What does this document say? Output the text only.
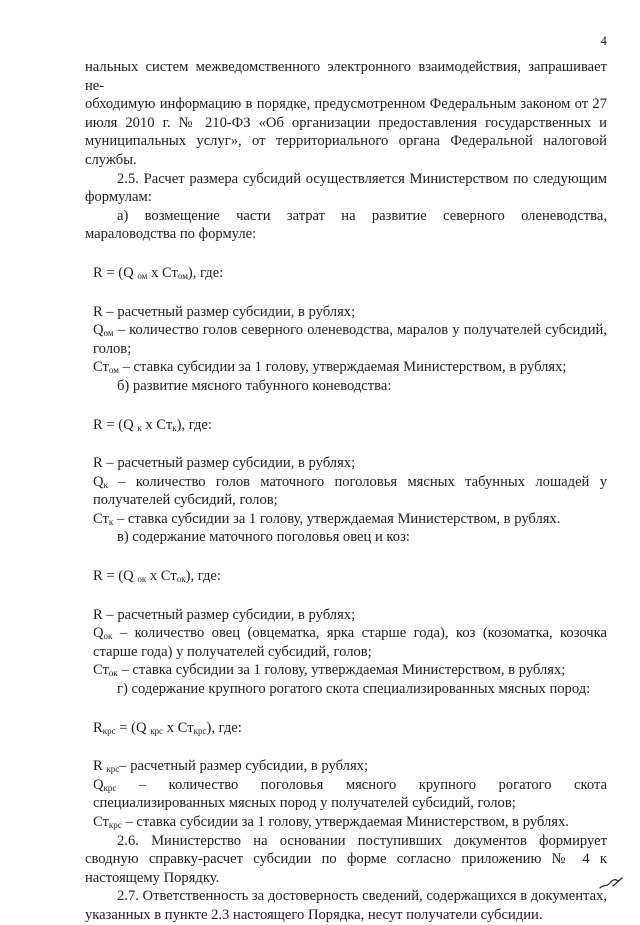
4

нальных систем межведомственного электронного взаимодействия, запрашивает не-

обходимую информацию в порядке, предусмотренном Федеральным законом от 27 июля 2010 г. № 210-ФЗ «Об организации предоставления государственных и муниципальных услуг», от территориального органа Федеральной налоговой службы.

2.5. Расчет размера субсидий осуществляется Министерством по следующим формулам:

а) возмещение части затрат на развитие северного оленеводства, мараловодства по формуле:

R = (Q $_{ом}$ х $Ст_{ом}$), где:

R – расчетный размер субсидии, в рублях;

$Q_{ом}$ – количество голов северного оленеводства, маралов у получателей субсидий, голов;

$Ст_{ом}$ – ставка субсидии за 1 голову, утверждаемая Министерством, в рублях;

б) развитие мясного табунного коневодства:

R = (Q $_к$ х $Ст_к$), где:

R – расчетный размер субсидии, в рублях;

$Q_к$ – количество голов маточного поголовья мясных табунных лошадей у получателей субсидий, голов;

$Ст_к$ – ставка субсидии за 1 голову, утверждаемая Министерством, в рублях.

в) содержание маточного поголовья овец и коз:

R = (Q $_{ок}$ х $Ст_{ок}$), где:

R – расчетный размер субсидии, в рублях;

$Q_{ок}$ – количество овец (овцематка, ярка старше года), коз (козоматка, козочка старше года) у получателей субсидий, голов;

$Ст_{ок}$ – ставка субсидии за 1 голову, утверждаемая Министерством, в рублях;

г) содержание крупного рогатого скота специализированных мясных пород:

$R_{крс} = (Q$ $_{крс}$ х $Ст_{крс}$), где:

R $_{крс}$– расчетный размер субсидии, в рублях;

$Q_{крс}$ – количество поголовья мясного крупного рогатого скота специализированных мясных пород у получателей субсидий, голов;

$Ст_{крс}$ – ставка субсидии за 1 голову, утверждаемая Министерством, в рублях.

2.6. Министерство на основании поступивших документов формирует сводную справку-расчет субсидии по форме согласно приложению № 4 к настоящему Порядку.

2.7. Ответственность за достоверность сведений, содержащихся в документах, указанных в пункте 2.3 настоящего Порядка, несут получатели субсидии.
